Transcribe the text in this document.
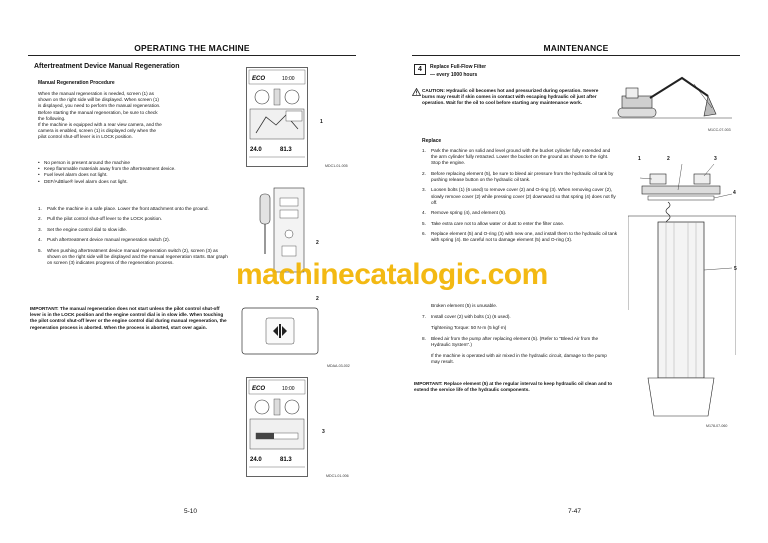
OPERATING THE MACHINE
Aftertreatment Device Manual Regeneration
Manual Regeneration Procedure
When the manual regeneration is needed, screen (1) as
shown on the right side will be displayed. When screen (1)
is displayed, you need to perform the manual regeneration.
Before starting the manual regeneration, be sure to check
the following.
If the machine is equipped with a rear view camera, and the
camera is enabled, screen (1) is displayed only when the
pilot control shut-off lever is in LOCK position.
• No person is present around the machine
• Keep flammable materials away from the aftertreatment device.
• Fuel level alarm does not light.
• DEF/AdBlue® level alarm does not light.
1.	Park the machine in a safe place. Lower the front attachment onto the ground.
2.	Pull the pilot control shut-off lever to the LOCK position.
3.	Set the engine control dial to slow idle.
4.	Push aftertreatment device manual regeneration switch (2).
5.	When pushing aftertreatment device manual regeneration switch (2), screen (3) as shown on the right side will be displayed and the manual regeneration starts. Bar graph on screen (3) indicates progress of the regeneration process.
IMPORTANT: The manual regeneration does not start unless the pilot control shut-off lever is in the LOCK position and the engine control dial is in slow idle. When touching the pilot control shut-off lever or the engine control dial during manual regeneration, the regeneration process is aborted. When the process is aborted, start over again.
ECO	10:00
24.0	81.3
1
MDC1-01-005
2
2
MDAA-03-002
ECO	10:00
24.0	81.3
3
MDC1-01-006
5-10
MAINTENANCE
Replace Full-Flow Filter
— every 1000 hours
CAUTION: Hydraulic oil becomes hot and pressurized during operation. Severe burns may result if skin comes in contact with escaping hydraulic oil just after operation. Wait for the oil to cool before starting any maintenance work.
M1CC-07-003
Replace
1.	Park the machine on solid and level ground with the bucket cylinder fully extended and the arm cylinder fully retracted. Lower the bucket on the ground as shown to the right. Stop the engine.
2.	Before replacing element (5), be sure to bleed air pressure from the hydraulic oil tank by pushing release button on the hydraulic oil tank.
3.	Loosen bolts (1) (6 used) to remove cover (2) and O-ring (3). When removing cover (2), slowly remove cover (2) while pressing cover (2) downward so that spring (4) does not fly off.
4.	Remove spring (4), and element (5).
5.	Take extra care not to allow water or dust to enter the filter case.
6.	Replace element (5) and O-ring (3) with new one, and install them to the hydraulic oil tank with spring (4). Be careful not to damage element (5) and O-ring (3).
Broken element (5) is unusable.
7.	Install cover (2) with bolts (1) (6 used).
Tightening Torque: 50 N·m (5 kgf·m)
8.	Bleed air from the pump after replacing element (5). (Refer to "Bleed Air from the Hydraulic System".)
If the machine is operated with air mixed in the hydraulic circuit, damage to the pump may result.
IMPORTANT: Replace element (5) at the regular interval to keep hydraulic oil clean and to extend the service life of the hydraulic components.
1	2	3
4
5
M178-07-060
7-47
4
machinecatalogic.com
